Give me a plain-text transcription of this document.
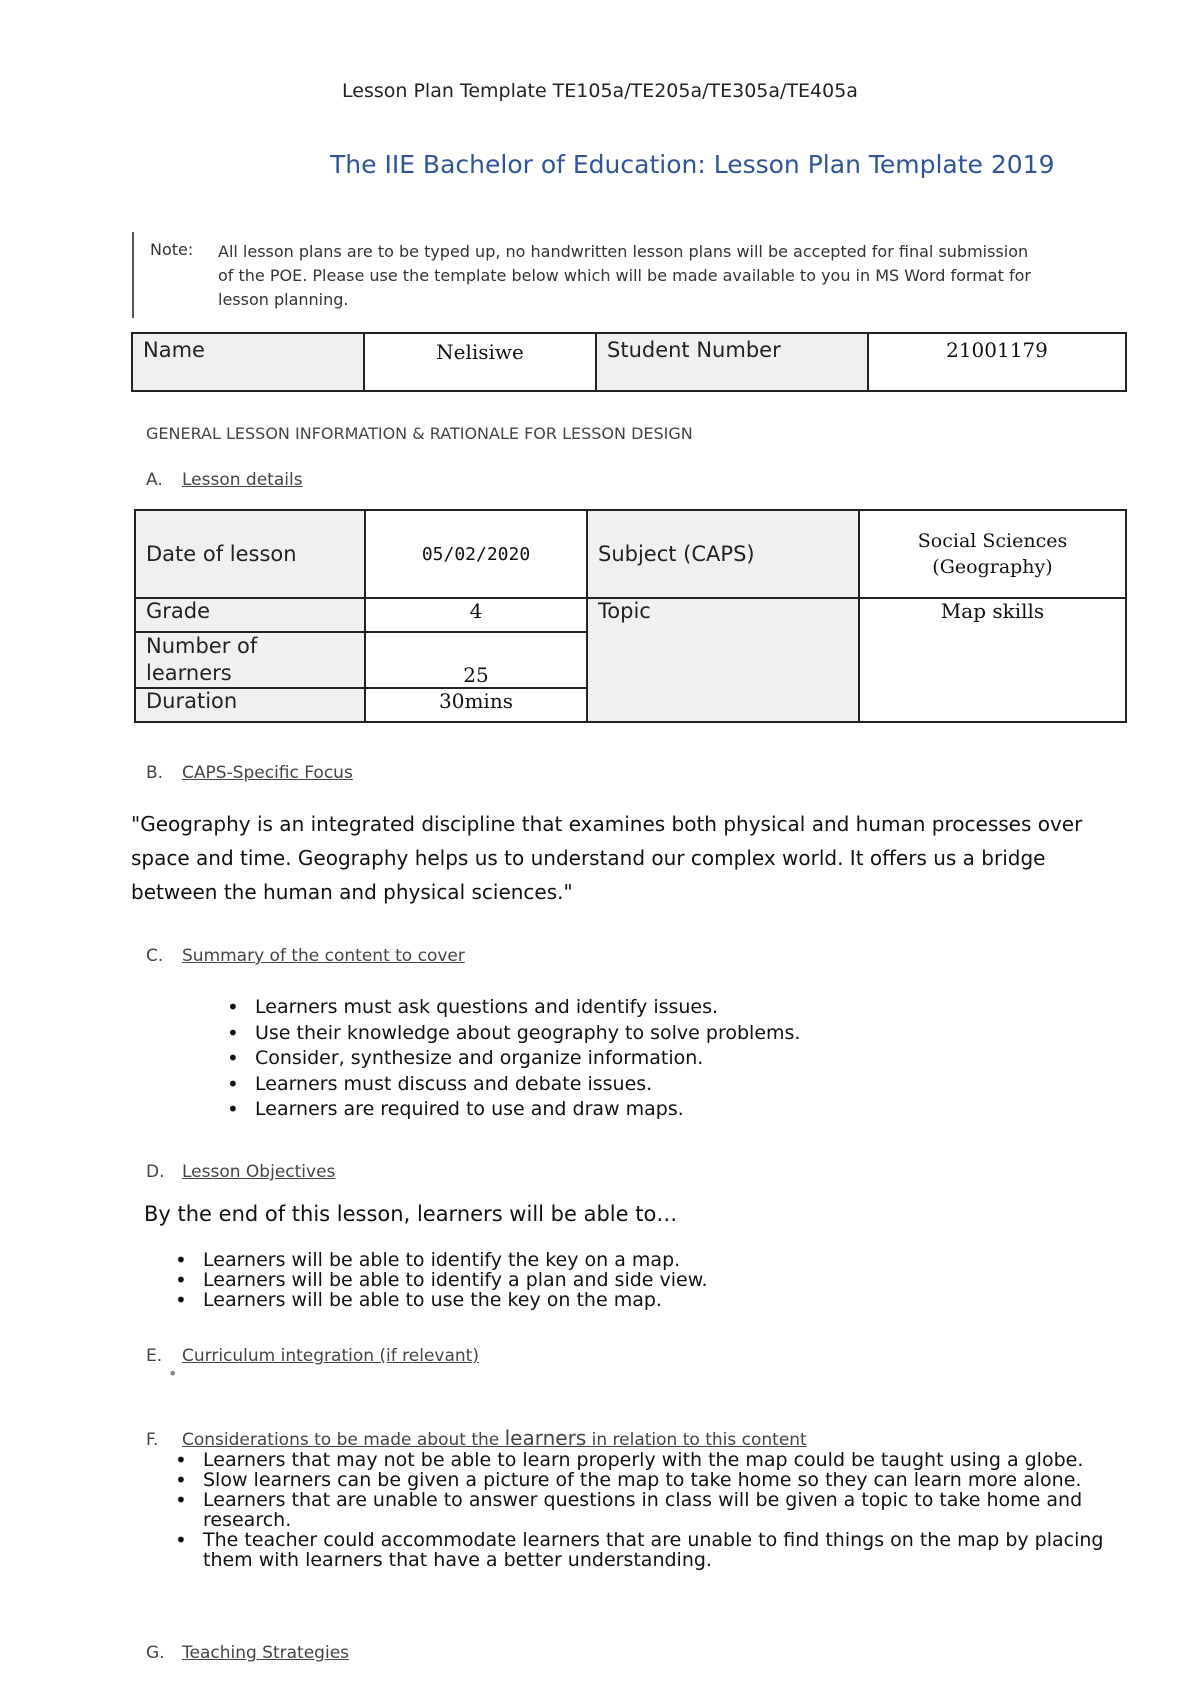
Lesson Plan Template TE105a/TE205a/TE305a/TE405a
The IIE Bachelor of Education: Lesson Plan Template 2019
Note: All lesson plans are to be typed up, no handwritten lesson plans will be accepted for final submission of the POE. Please use the template below which will be made available to you in MS Word format for lesson planning.
Name	Nelisiwe	Student Number	21001179
GENERAL LESSON INFORMATION & RATIONALE FOR LESSON DESIGN
A. Lesson details
Date of lesson	05/02/2020	Subject (CAPS)	Social Sciences
(Geography)

Grade	4	Topic	Map skills

Number of
learners	25		
Duration	30mins		
B. CAPS-Specific Focus
"Geography is an integrated discipline that examines both physical and human processes over space and time. Geography helps us to understand our complex world. It offers us a bridge between the human and physical sciences."
C. Summary of the content to cover
• Learners must ask questions and identify issues.
• Use their knowledge about geography to solve problems.
• Consider, synthesize and organize information.
• Learners must discuss and debate issues.
• Learners are required to use and draw maps.
D. Lesson Objectives
By the end of this lesson, learners will be able to…
• Learners will be able to identify the key on a map.
• Learners will be able to identify a plan and side view.
• Learners will be able to use the key on the map.
E. Curriculum integration (if relevant)
•
F. Considerations to be made about the learners in relation to this content
• Learners that may not be able to learn properly with the map could be taught using a globe.
• Slow learners can be given a picture of the map to take home so they can learn more alone.
• Learners that are unable to answer questions in class will be given a topic to take home and research.
• The teacher could accommodate learners that are unable to find things on the map by placing them with learners that have a better understanding.
G. Teaching Strategies
